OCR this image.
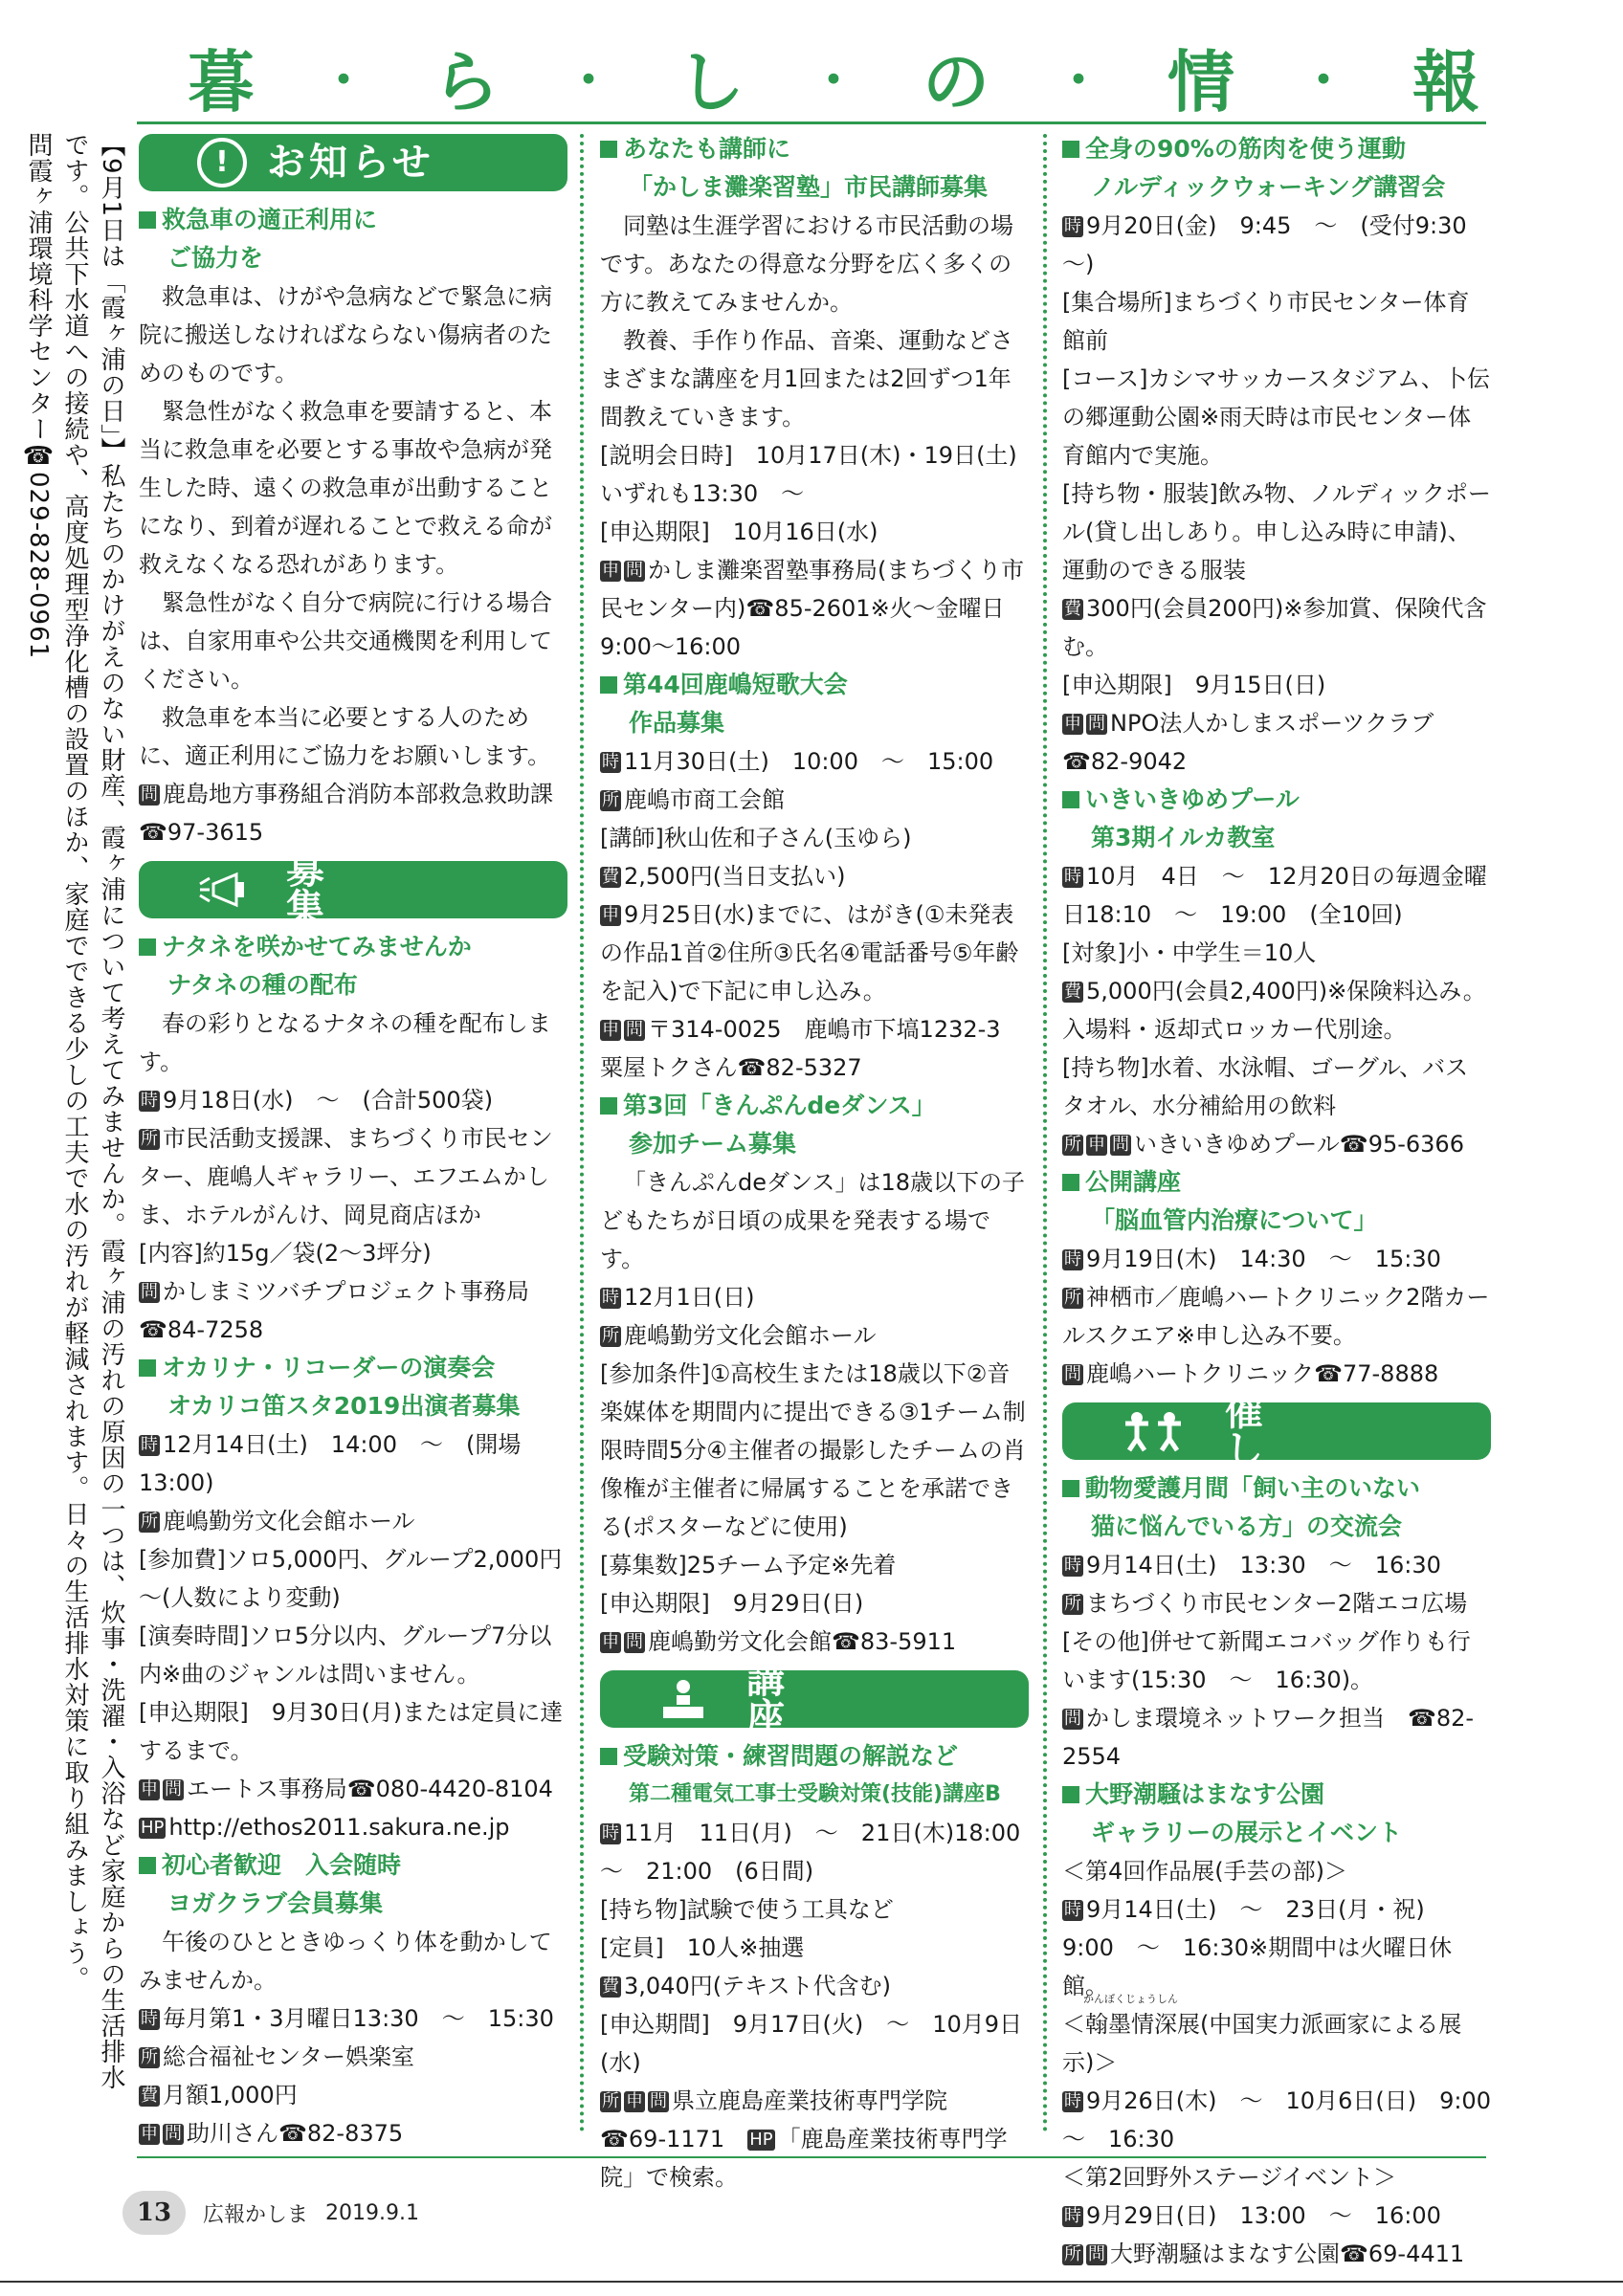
暮 ・ ら ・ し ・ の ・ 情 ・ 報
【9月1日は「霞ヶ浦の日」】私たちのかけがえのない財産、霞ヶ浦について考えてみませんか。霞ヶ浦の汚れの原因の一つは、炊事・洗濯・入浴など家庭からの生活排水です。公共下水道への接続や、高度処理型浄化槽の設置のほか、家庭でできる少しの工夫で水の汚れが軽減されます。日々の生活排水対策に取り組みましょう。
問霞ヶ浦環境科学センター☎029-828-0961	!	お知らせ
救急車の適正利用に
ご協力を
救急車は、けがや急病などで緊急に病院に搬送しなければならない傷病者のためのものです。
緊急性がなく救急車を要請すると、本当に救急車を必要とする事故や急病が発生した時、遠くの救急車が出動することになり、到着が遅れることで救える命が救えなくなる恐れがあります。
緊急性がなく自分で病院に行ける場合は、自家用車や公共交通機関を利用してください。
救急車を本当に必要とする人のために、適正利用にご協力をお願いします。
問 鹿島地方事務組合消防本部救急救助課☎97-3615
募　集
ナタネを咲かせてみませんか
ナタネの種の配布
春の彩りとなるナタネの種を配布します。
時 9月18日(水)　～　(合計500袋)
所 市民活動支援課、まちづくり市民センター、鹿嶋人ギャラリー、エフエムかしま、ホテルがんけ、岡見商店ほか
[内容]約15g／袋(2～3坪分)
問 かしまミツバチプロジェクト事務局☎84-7258
オカリナ・リコーダーの演奏会
オカリコ笛スタ2019出演者募集
時 12月14日(土)　14:00　～　(開場13:00)
所 鹿嶋勤労文化会館ホール
[参加費]ソロ5,000円、グループ2,000円～(人数により変動)
[演奏時間]ソロ5分以内、グループ7分以内※曲のジャンルは問いません。
[申込期限]　9月30日(月)または定員に達するまで。
申 問 エートス事務局☎080-4420-8104
HP http://ethos2011.sakura.ne.jp
初心者歓迎　入会随時
ヨガクラブ会員募集
午後のひとときゆっくり体を動かしてみませんか。
時 毎月第1・3月曜日13:30　～　15:30
所 総合福祉センター娯楽室
費 月額1,000円
申 問 助川さん☎82-8375
あなたも講師に
「かしま灘楽習塾」市民講師募集
同塾は生涯学習における市民活動の場です。あなたの得意な分野を広く多くの方に教えてみませんか。
教養、手作り作品、音楽、運動などさまざまな講座を月1回または2回ずつ1年間教えていきます。
[説明会日時]　10月17日(木)・19日(土)いずれも13:30　～
[申込期限]　10月16日(水)
申 問 かしま灘楽習塾事務局(まちづくり市民センター内)☎85-2601※火～金曜日9:00～16:00
第44回鹿嶋短歌大会
作品募集
時 11月30日(土)　10:00　～　15:00
所 鹿嶋市商工会館
[講師]秋山佐和子さん(玉ゆら)
費 2,500円(当日支払い)
申 9月25日(水)までに、はがき(①未発表の作品1首②住所③氏名④電話番号⑤年齢を記入)で下記に申し込み。
申 問 〒314-0025　鹿嶋市下塙1232-3　粟屋トクさん☎82-5327
第3回「きんぷんdeダンス」
参加チーム募集
「きんぷんdeダンス」は18歳以下の子どもたちが日頃の成果を発表する場です。
時 12月1日(日)
所 鹿嶋勤労文化会館ホール
[参加条件]①高校生または18歳以下②音楽媒体を期間内に提出できる③1チーム制限時間5分④主催者の撮影したチームの肖像権が主催者に帰属することを承諾できる(ポスターなどに使用)
[募集数]25チーム予定※先着
[申込期限]　9月29日(日)
申 問 鹿嶋勤労文化会館☎83-5911
講　座
受験対策・練習問題の解説など
第二種電気工事士受験対策(技能)講座B
時 11月　11日(月)　～　21日(木)18:00　～　21:00　(6日間)
[持ち物]試験で使う工具など
[定員]　10人※抽選
費 3,040円(テキスト代含む)
[申込期間]　9月17日(火)　～　10月9日(水)
所 申 問 県立鹿島産業技術専門学院
☎69-1171　 HP 「鹿島産業技術専門学院」で検索。
全身の90%の筋肉を使う運動
ノルディックウォーキング講習会
時 9月20日(金)　9:45　～　(受付9:30　～)
[集合場所]まちづくり市民センター体育館前
[コース]カシマサッカースタジアム、卜伝の郷運動公園※雨天時は市民センター体育館内で実施。
[持ち物・服装]飲み物、ノルディックポール(貸し出しあり。申し込み時に申請)、運動のできる服装
費 300円(会員200円)※参加賞、保険代含む。
[申込期限]　9月15日(日)
申 問 NPO法人かしまスポーツクラブ
☎82-9042
いきいきゆめプール
第3期イルカ教室
時 10月　4日　～　12月20日の毎週金曜日18:10　～　19:00　(全10回)
[対象]小・中学生＝10人
費 5,000円(会員2,400円)※保険料込み。入場料・返却式ロッカー代別途。
[持ち物]水着、水泳帽、ゴーグル、バスタオル、水分補給用の飲料
所 申 問 いきいきゆめプール☎95-6366
公開講座
「脳血管内治療について」
時 9月19日(木)　14:30　～　15:30
所 神栖市／鹿嶋ハートクリニック2階カールスクエア※申し込み不要。
問 鹿嶋ハートクリニック☎77-8888
催　し
動物愛護月間「飼い主のいない
猫に悩んでいる方」の交流会
時 9月14日(土)　13:30　～　16:30
所 まちづくり市民センター2階エコ広場
[その他]併せて新聞エコバッグ作りも行います(15:30　～　16:30)。
問 かしま環境ネットワーク担当　☎82-2554
大野潮騒はまなす公園
ギャラリーの展示とイベント
＜第4回作品展(手芸の部)＞
時 9月14日(土)　～　23日(月・祝)　9:00　～　16:30※期間中は火曜日休館。
かんぼくじょうしん
＜翰墨情深展(中国実力派画家による展示)＞
時 9月26日(木)　～　10月6日(日)　9:00　～　16:30
＜第2回野外ステージイベント＞
時 9月29日(日)　13:00　～　16:00
所 問 大野潮騒はまなす公園☎69-4411
13	広報かしま 2019.9.1
